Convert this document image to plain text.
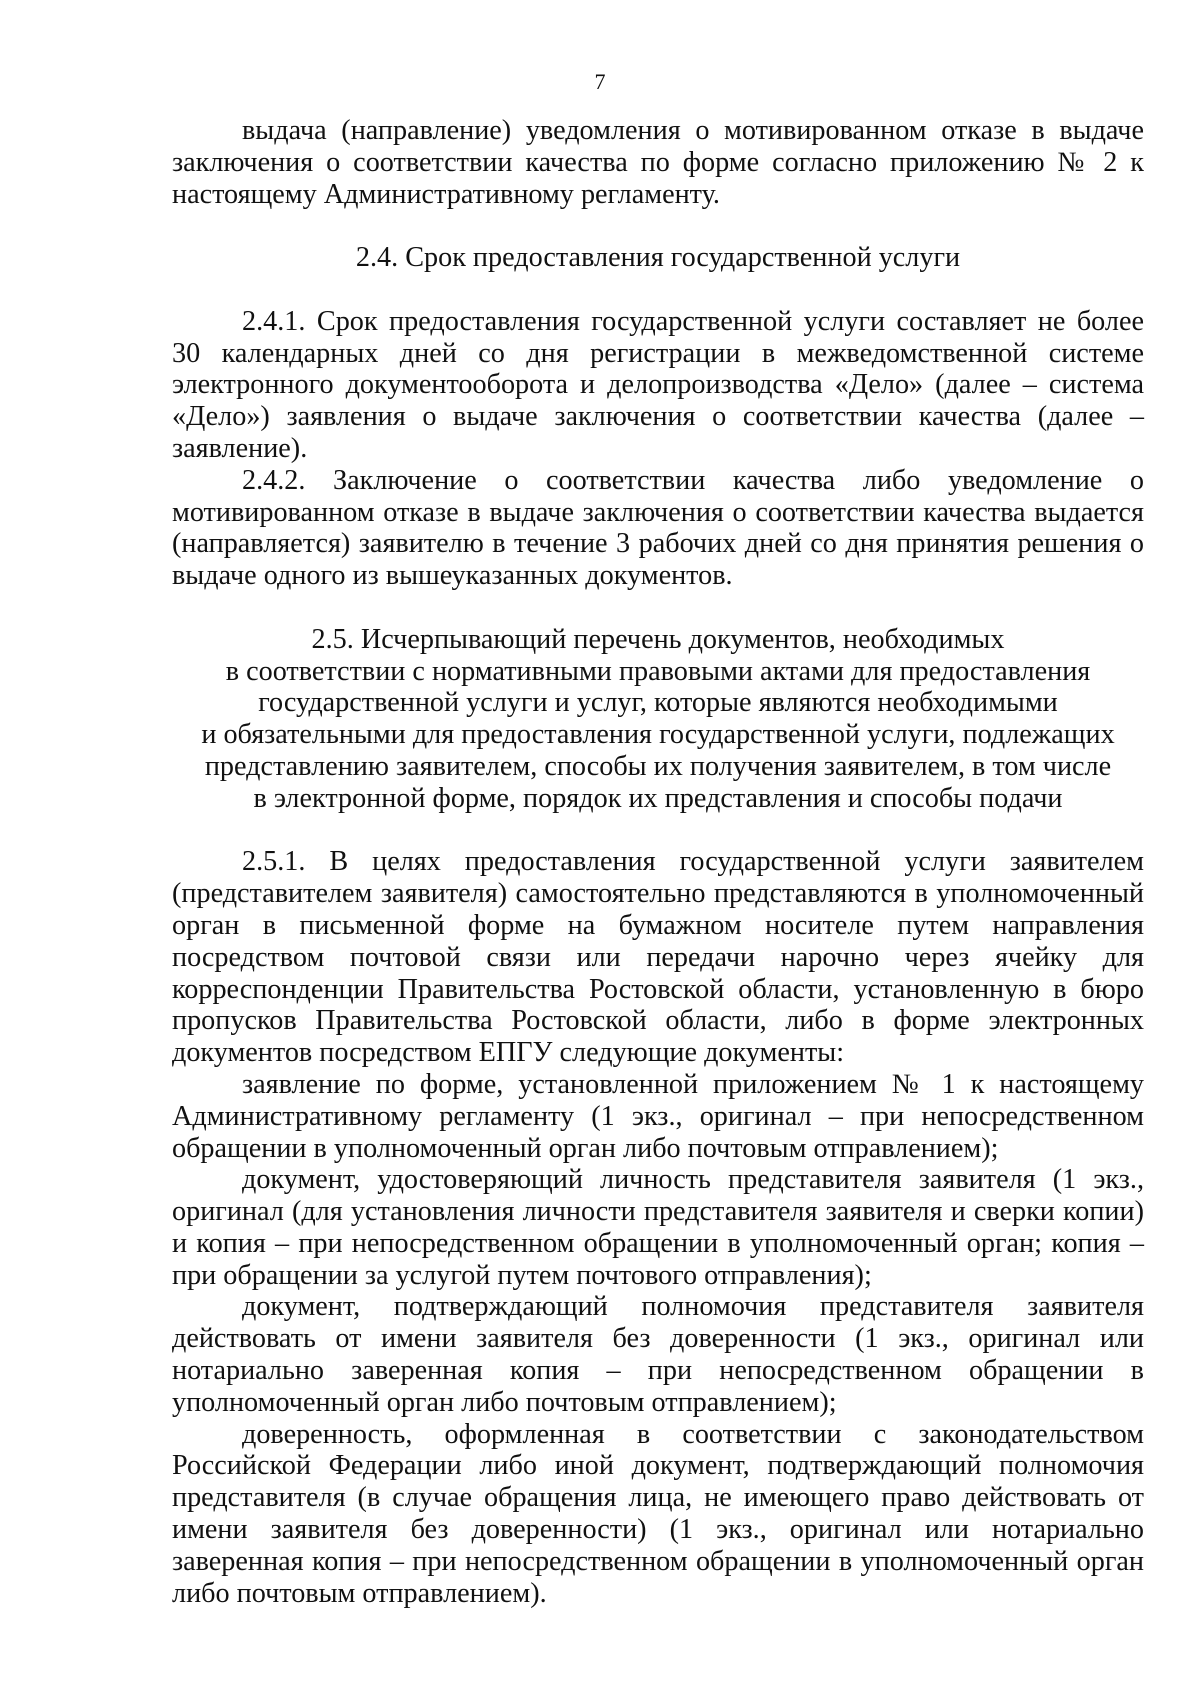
7

выдача (направление) уведомления о мотивированном отказе в выдаче заключения о соответствии качества по форме согласно приложению № 2 к настоящему Административному регламенту.

2.4. Срок предоставления государственной услуги

2.4.1. Срок предоставления государственной услуги составляет не более 30 календарных дней со дня регистрации в межведомственной системе электронного документооборота и делопроизводства «Дело» (далее – система «Дело») заявления о выдаче заключения о соответствии качества (далее – заявление).

2.4.2. Заключение о соответствии качества либо уведомление о мотивированном отказе в выдаче заключения о соответствии качества выдается (направляется) заявителю в течение 3 рабочих дней со дня принятия решения о выдаче одного из вышеуказанных документов.

2.5. Исчерпывающий перечень документов, необходимых
в соответствии с нормативными правовыми актами для предоставления
государственной услуги и услуг, которые являются необходимыми
и обязательными для предоставления государственной услуги, подлежащих
представлению заявителем, способы их получения заявителем, в том числе
в электронной форме, порядок их представления и способы подачи

2.5.1. В целях предоставления государственной услуги заявителем (представителем заявителя) самостоятельно представляются в уполномоченный орган в письменной форме на бумажном носителе путем направления посредством почтовой связи или передачи нарочно через ячейку для корреспонденции Правительства Ростовской области, установленную в бюро пропусков Правительства Ростовской области, либо в форме электронных документов посредством ЕПГУ следующие документы:

заявление по форме, установленной приложением № 1 к настоящему Административному регламенту (1 экз., оригинал – при непосредственном обращении в уполномоченный орган либо почтовым отправлением);

документ, удостоверяющий личность представителя заявителя (1 экз., оригинал (для установления личности представителя заявителя и сверки копии) и копия – при непосредственном обращении в уполномоченный орган; копия – при обращении за услугой путем почтового отправления);

документ, подтверждающий полномочия представителя заявителя действовать от имени заявителя без доверенности (1 экз., оригинал или нотариально заверенная копия – при непосредственном обращении в уполномоченный орган либо почтовым отправлением);

доверенность, оформленная в соответствии с законодательством Российской Федерации либо иной документ, подтверждающий полномочия представителя (в случае обращения лица, не имеющего право действовать от имени заявителя без доверенности) (1 экз., оригинал или нотариально заверенная копия – при непосредственном обращении в уполномоченный орган либо почтовым отправлением).
